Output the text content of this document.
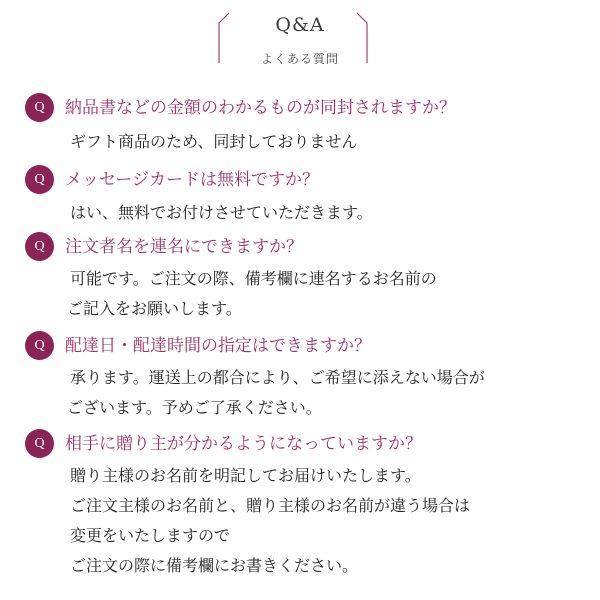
Q&A
よくある質問
Q	納品書などの金額のわかるものが同封されますか？
ギフト商品のため、同封しておりません
Q	メッセージカードは無料ですか？
はい、無料でお付けさせていただきます。
Q	注文者名を連名にできますか？
可能です。ご注文の際、備考欄に連名するお名前の
ご記入をお願いします。
Q	配達日・配達時間の指定はできますか？
承ります。運送上の都合により、ご希望に添えない場合が
ございます。予めご了承ください。
Q	相手に贈り主が分かるようになっていますか？
贈り主様のお名前を明記してお届けいたします。
ご注文主様のお名前と、贈り主様のお名前が違う場合は
変更をいたしますので
ご注文の際に備考欄にお書きください。
